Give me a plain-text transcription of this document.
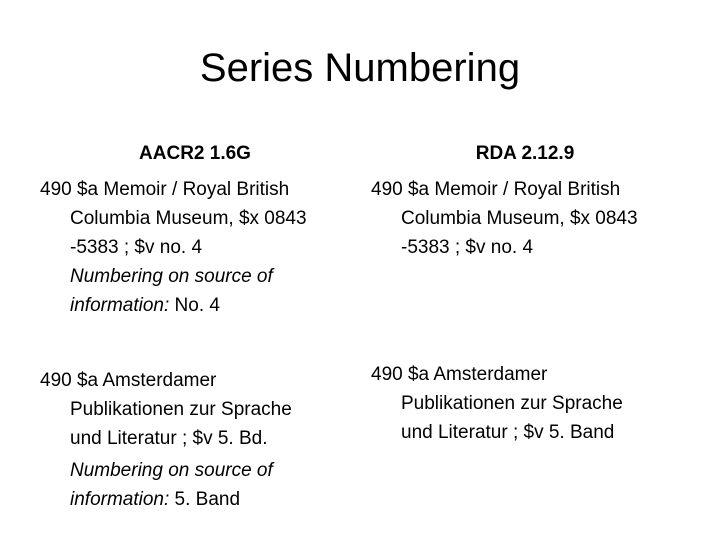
Series Numbering
AACR2 1.6G	RDA 2.12.9
490 $a Memoir / Royal British
Columbia Museum, $x 0843
-5383 ; $v no. 4
Numbering on source of
information: No. 4
490 $a Memoir / Royal British
Columbia Museum, $x 0843
-5383 ; $v no. 4
490 $a Amsterdamer
Publikationen zur Sprache
und Literatur ; $v 5. Bd.
Numbering on source of
information: 5. Band
490 $a Amsterdamer
Publikationen zur Sprache
und Literatur ; $v 5. Band
